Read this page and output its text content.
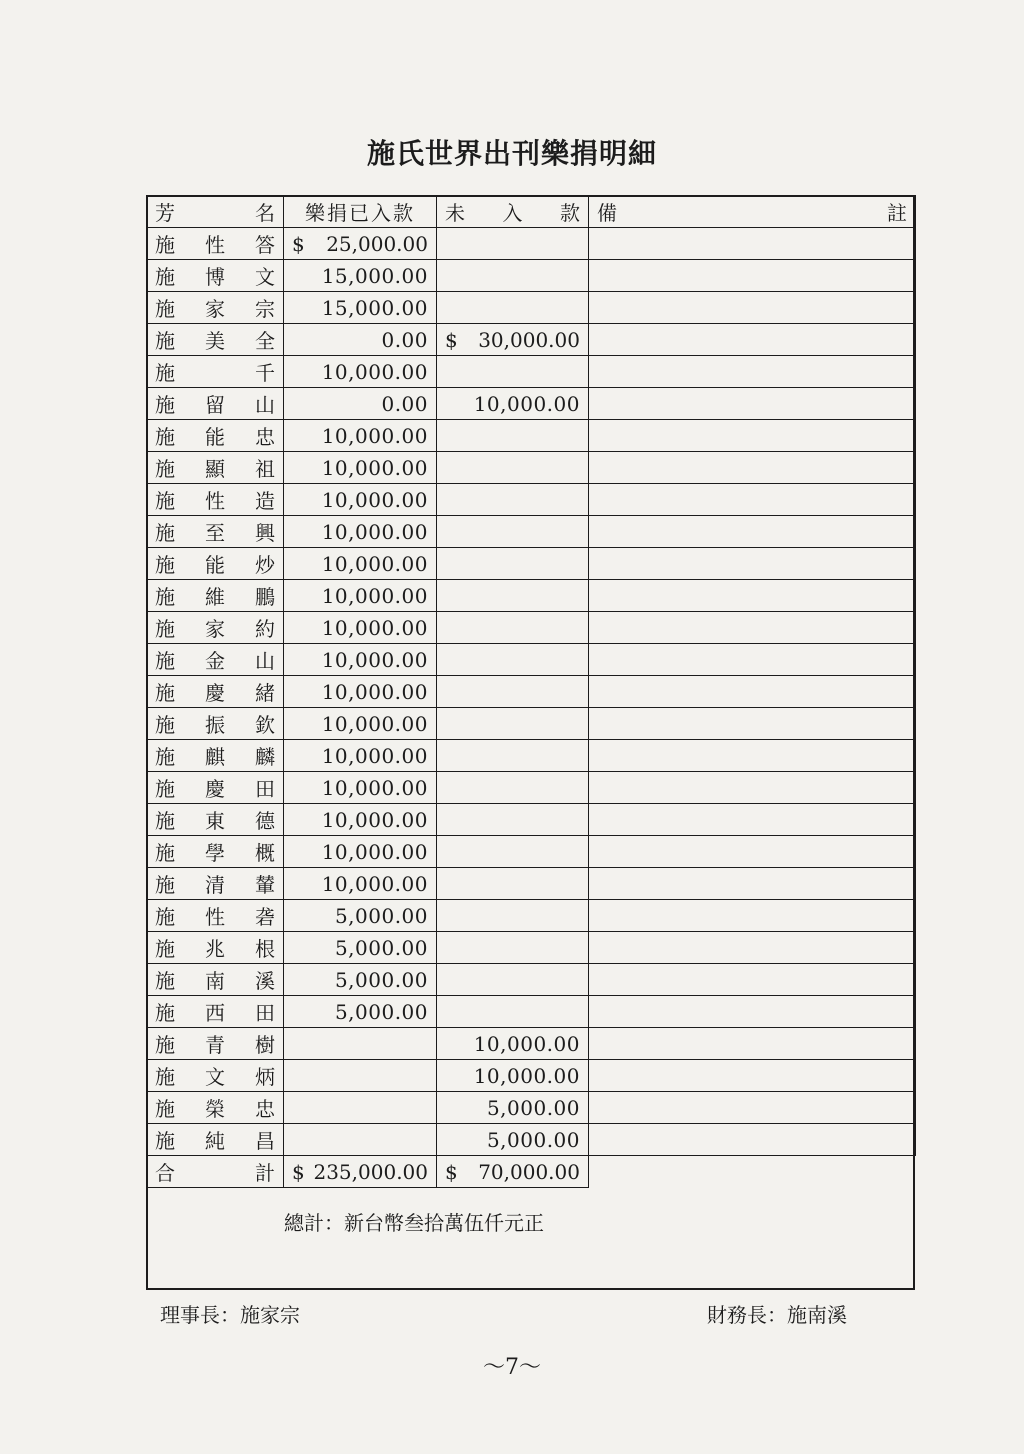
施氏世界出刊樂捐明細
芳 名	樂捐已入款	未 入 款	備 註

施 性 答	$ 25,000.00		

施 博 文	15,000.00		

施 家 宗	15,000.00		

施 美 全	0.00	$ 30,000.00	

施 千	10,000.00		

施 留 山	0.00	10,000.00	

施 能 忠	10,000.00		

施 顯 祖	10,000.00		

施 性 造	10,000.00		

施 至 興	10,000.00		

施 能 炒	10,000.00		

施 維 鵬	10,000.00		

施 家 約	10,000.00		

施 金 山	10,000.00		

施 慶 緒	10,000.00		

施 振 欽	10,000.00		

施 麒 麟	10,000.00		

施 慶 田	10,000.00		

施 東 德	10,000.00		

施 學 概	10,000.00		

施 清 輦	10,000.00		

施 性 砻	5,000.00		

施 兆 根	5,000.00		

施 南 溪	5,000.00		

施 西 田	5,000.00		

施 青 樹		10,000.00	

施 文 炳		10,000.00	

施 榮 忠		5,000.00	

施 純 昌		5,000.00	

合 計	$ 235,000.00	$ 70,000.00	

總計：新台幣叁拾萬伍仟元正
理事長：施家宗	財務長：施南溪
～7～
